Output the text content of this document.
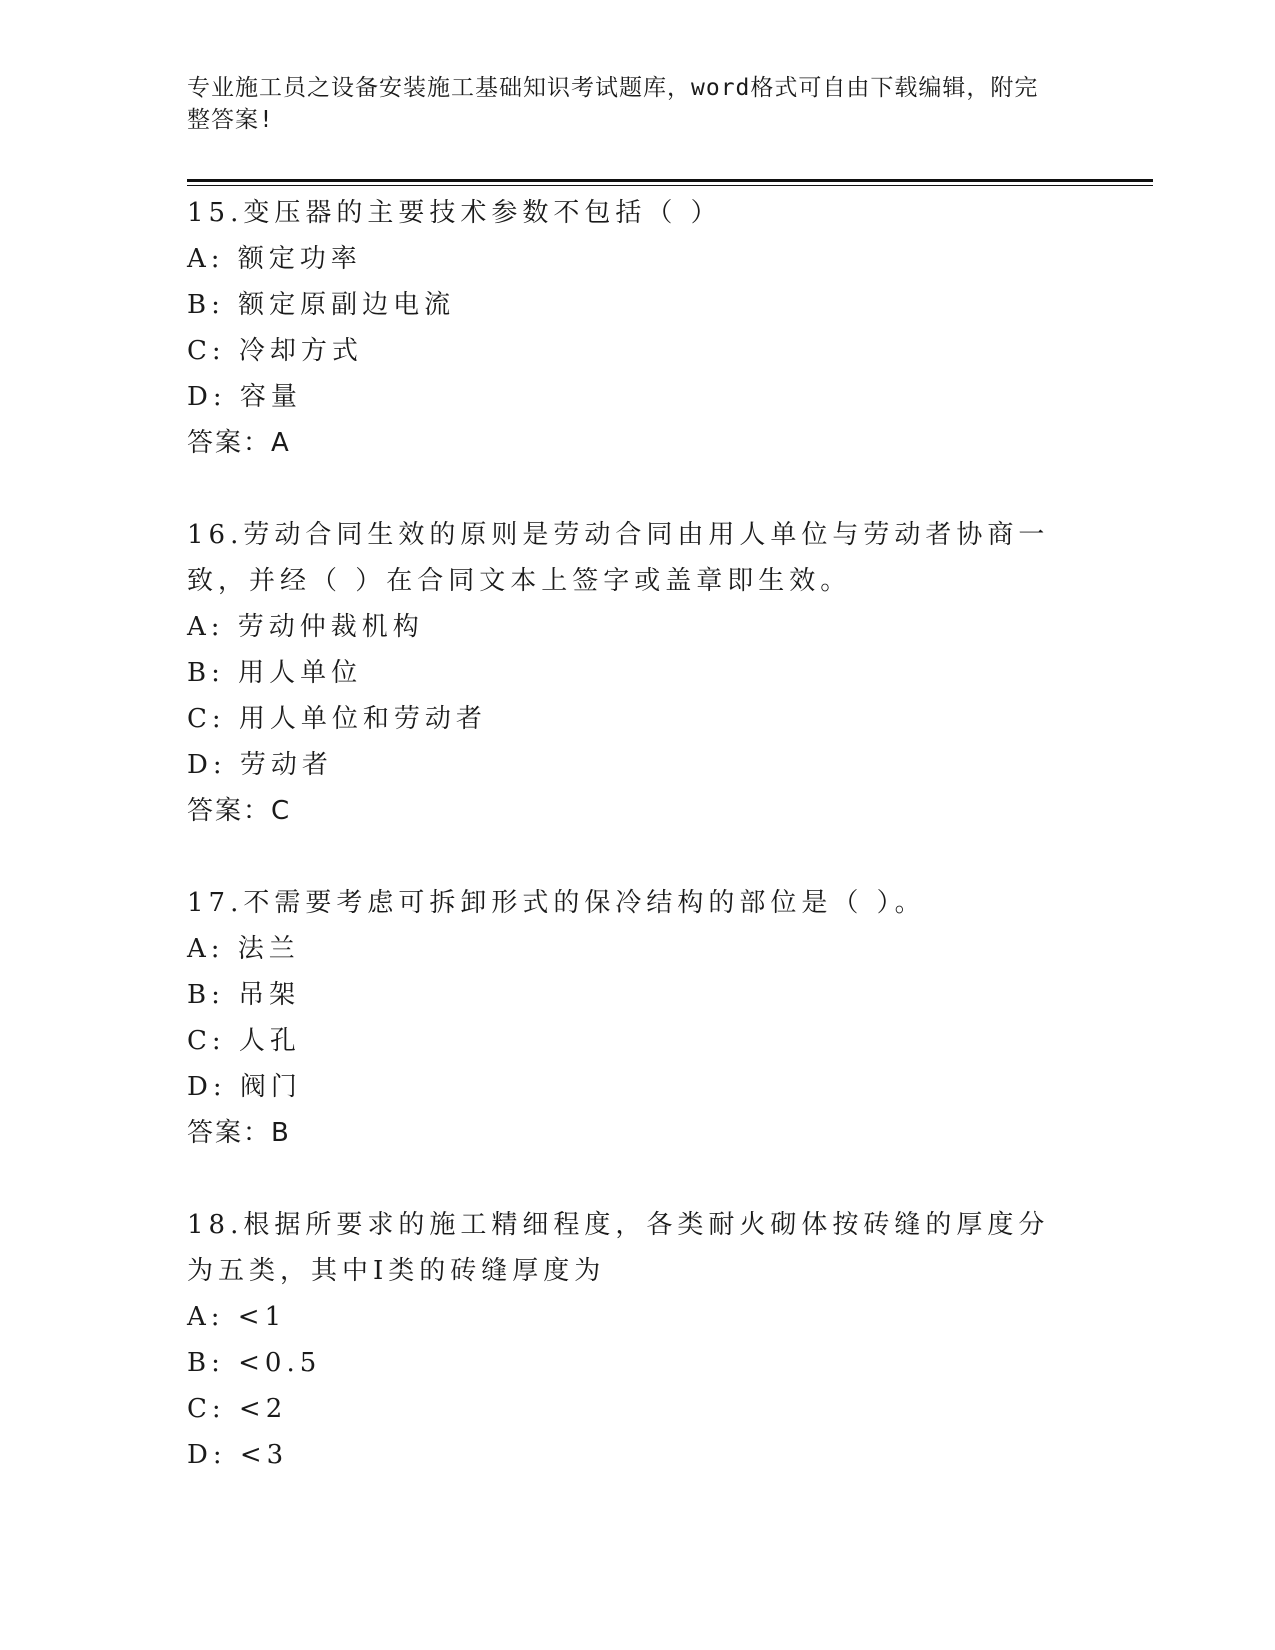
专业施工员之设备安装施工基础知识考试题库，word格式可自由下载编辑，附完
整答案!
15.变压器的主要技术参数不包括（ ）
A: 额定功率
B: 额定原副边电流
C: 冷却方式
D: 容量
答案：A
16.劳动合同生效的原则是劳动合同由用人单位与劳动者协商一致，并经（ ）在合同文本上签字或盖章即生效。
A: 劳动仲裁机构
B: 用人单位
C: 用人单位和劳动者
D: 劳动者
答案：C
17.不需要考虑可拆卸形式的保冷结构的部位是（ ）。
A: 法兰
B: 吊架
C: 人孔
D: 阀门
答案：B
18.根据所要求的施工精细程度，各类耐火砌体按砖缝的厚度分为五类，其中Ⅰ类的砖缝厚度为
A: <1
B: <0.5
C: <2
D: <3
